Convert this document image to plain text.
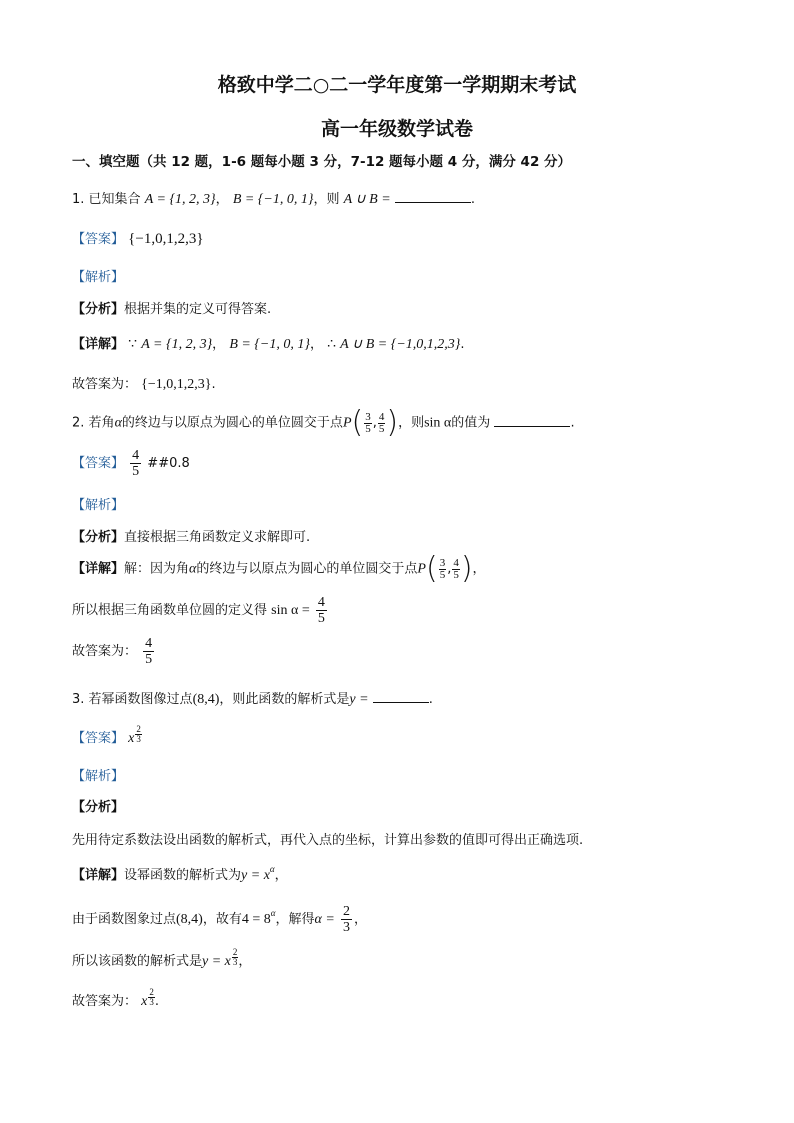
格致中学二○二一学年度第一学期期末考试
高一年级数学试卷
一、填空题（共 12 题，1-6 题每小题 3 分，7-12 题每小题 4 分，满分 42 分）
1. 已知集合 A = {1, 2, 3}， B = {−1, 0, 1}，则 A ∪ B =	.
【答案】 {−1,0,1,2,3}
【解析】
【分析】根据并集的定义可得答案.
【详解】 ∵ A = {1, 2, 3}， B = {−1, 0, 1}， ∴ A ∪ B = {−1,0,1,2,3}.
故答案为： {−1,0,1,2,3}.
2. 若角α的终边与以原点为圆心的单位圆交于点$P( \frac{3}{5}$ , $\frac{4}{5}$ )，则sin α的值为	.
【答案】 $\frac{4}{5}$ ##0.8
【解析】
【分析】直接根据三角函数定义求解即可.
【详解】解：因为角α的终边与以原点为圆心的单位圆交于点$P( \frac{3}{5}$ , $\frac{4}{5}$ )，
所以根据三角函数单位圆的定义得 $\sin \alpha = \frac{4}{5}$
故答案为： $\frac{4}{5}$
3. 若幂函数图像过点(8,4)，则此函数的解析式是y =	.
【答案】 x $\frac{2}{3}$
【解析】
【分析】
先用待定系数法设出函数的解析式，再代入点的坐标，计算出参数的值即可得出正确选项.
【详解】设幂函数的解析式为$y = x^\alpha$，
由于函数图象过点(8,4)，故有$4 = 8^\alpha$，解得$\alpha = \frac{2}{3}$ ，
所以该函数的解析式是y = x $\frac{2}{3}$ ，
故答案为： x $\frac{2}{3}$ .
